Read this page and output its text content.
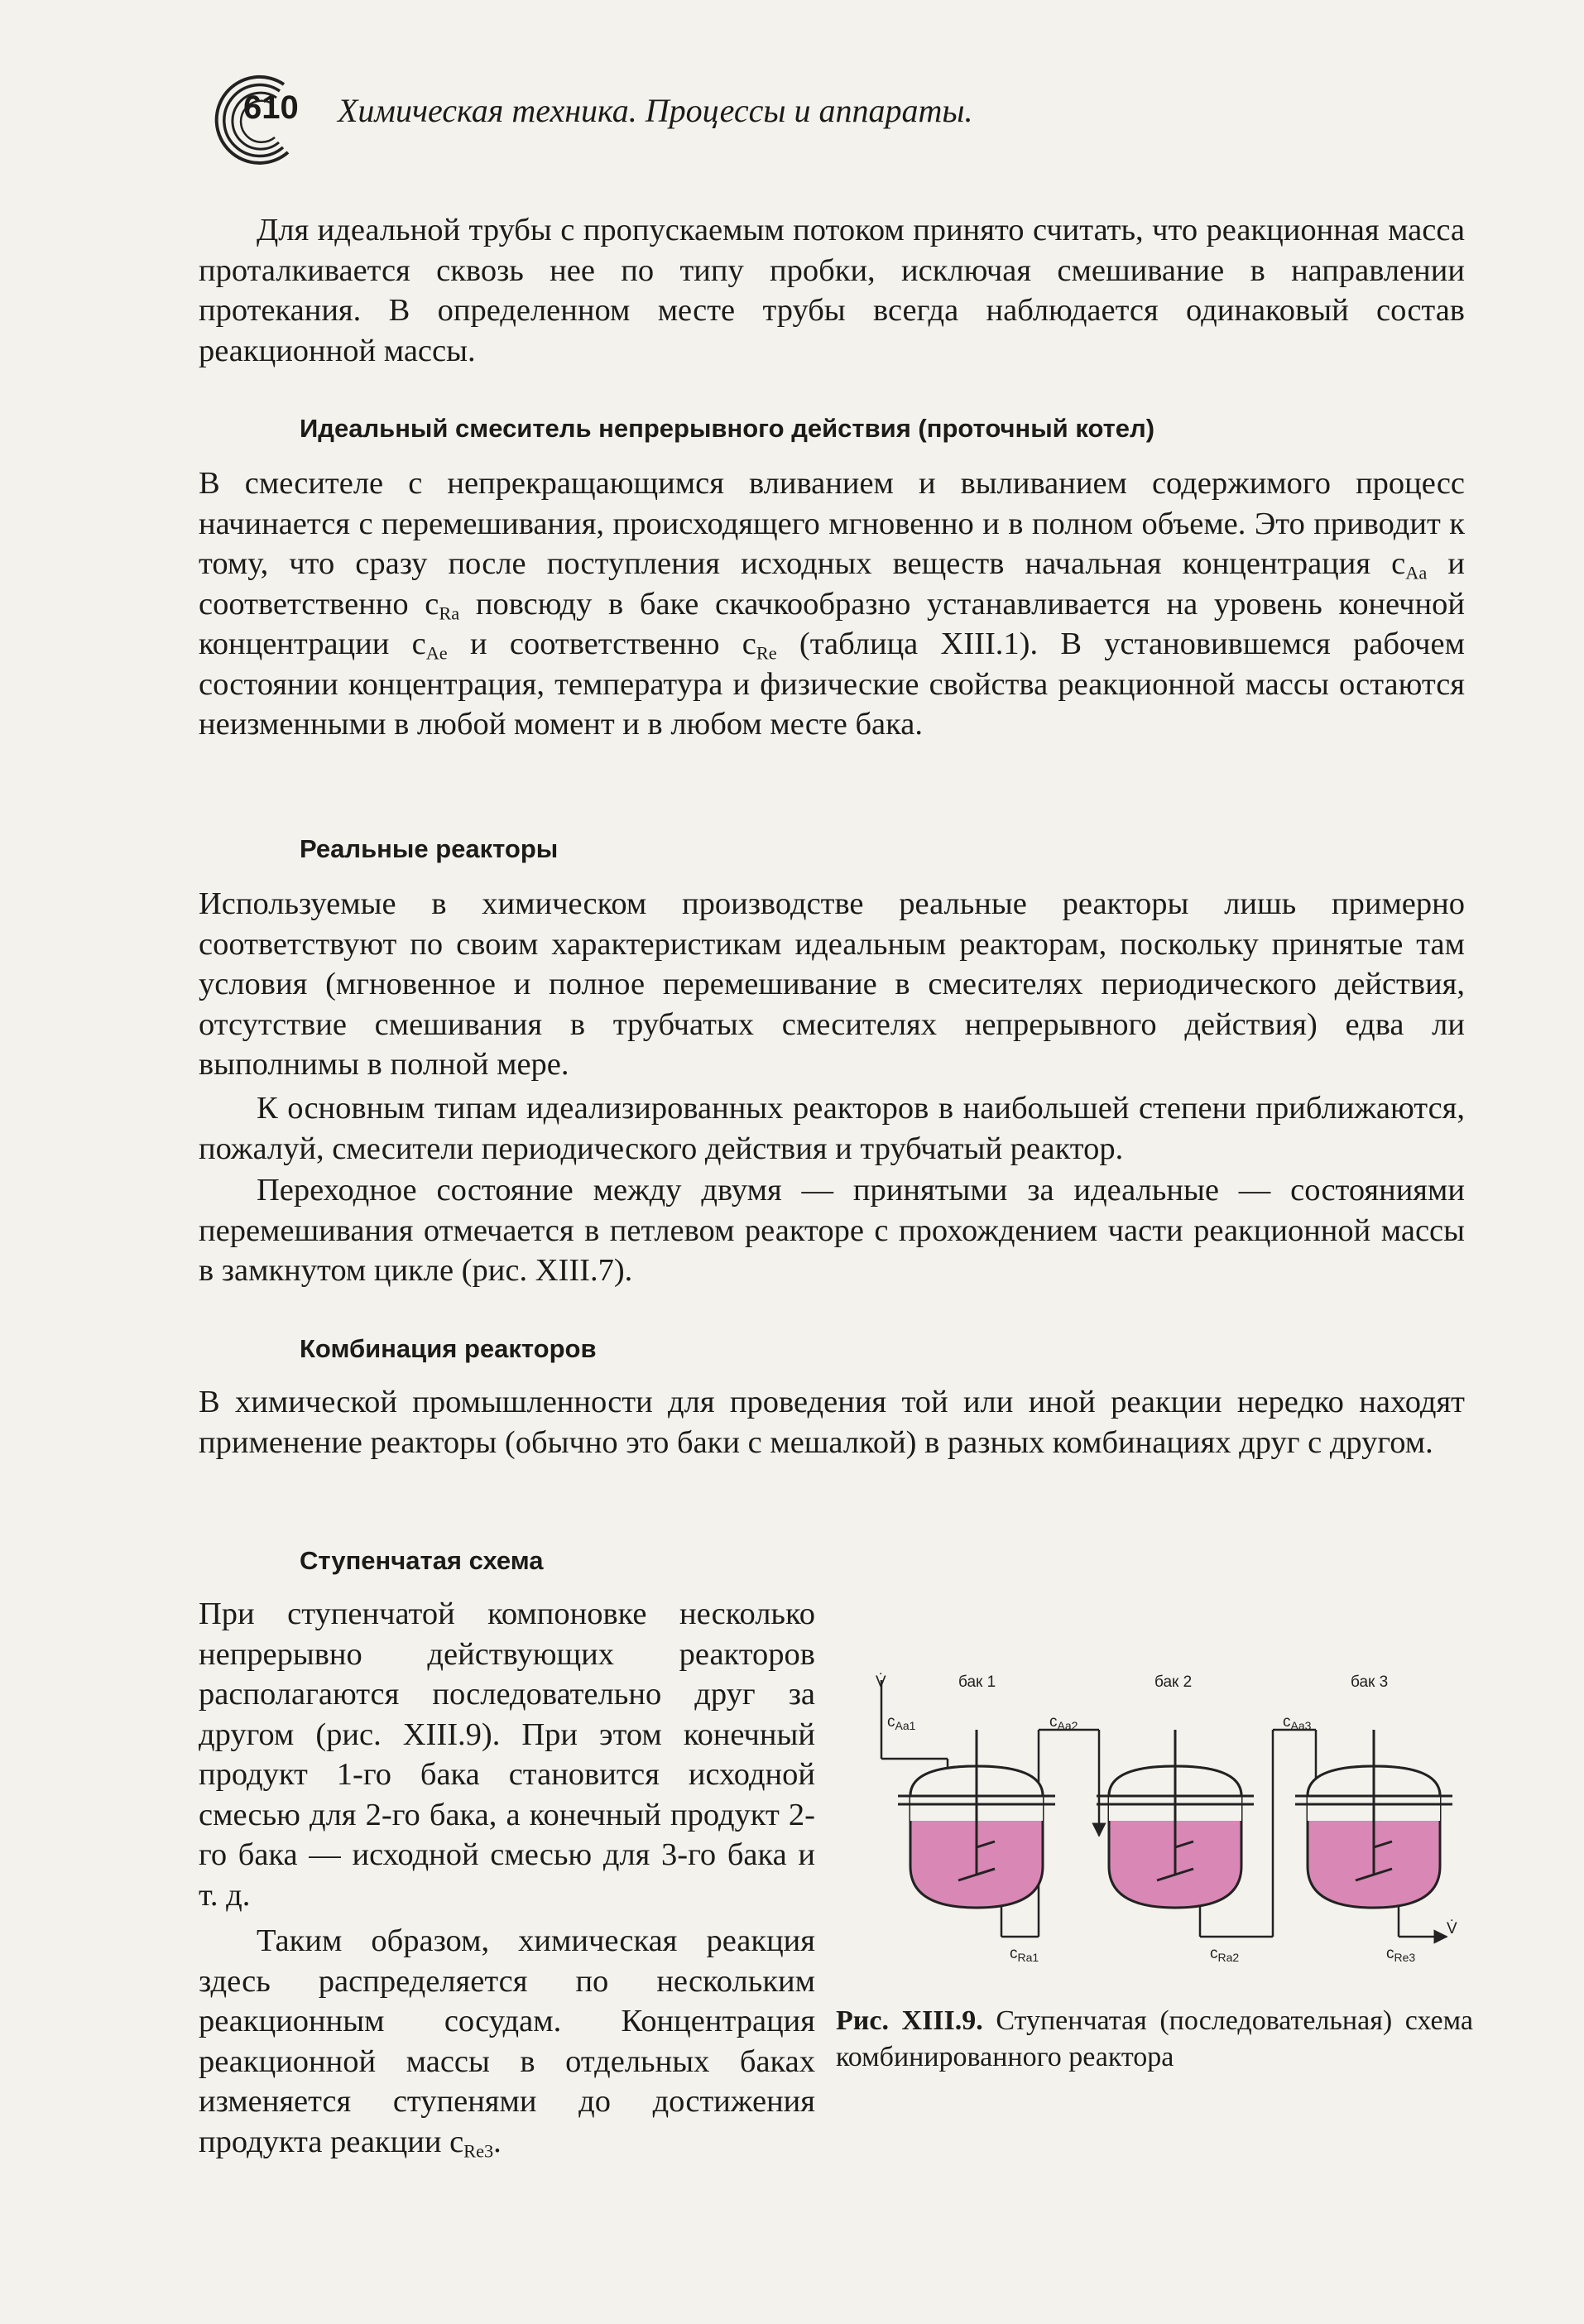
610 Химическая техника. Процессы и аппараты.

Для идеальной трубы с пропускаемым потоком принято считать, что реакционная масса проталкивается сквозь нее по типу пробки, исключая смешивание в направлении протекания. В определенном месте трубы всегда наблюдается одинаковый состав реакционной массы.

Идеальный смеситель непрерывного действия (проточный котел)

В смесителе с непрекращающимся вливанием и выливанием содержимого процесс начинается с перемешивания, происходящего мгновенно и в полном объеме. Это приводит к тому, что сразу после поступления исходных веществ начальная концентрация $c_{Aa}$ и соответственно $c_{Ra}$ повсюду в баке скачкообразно устанавливается на уровень конечной концентрации $c_{Ae}$ и соответственно $c_{Re}$ (таблица XIII.1). В установившемся рабочем состоянии концентрация, температура и физические свойства реакционной массы остаются неизменными в любой момент и в любом месте бака.

Реальные реакторы

Используемые в химическом производстве реальные реакторы лишь примерно соответствуют по своим характеристикам идеальным реакторам, поскольку принятые там условия (мгновенное и полное перемешивание в смесителях периодического действия, отсутствие смешивания в трубчатых смесителях непрерывного действия) едва ли выполнимы в полной мере.

К основным типам идеализированных реакторов в наибольшей степени приближаются, пожалуй, смесители периодического действия и трубчатый реактор.

Переходное состояние между двумя — принятыми за идеальные — состояниями перемешивания отмечается в петлевом реакторе с прохождением части реакционной массы в замкнутом цикле (рис. XIII.7).

Комбинация реакторов

В химической промышленности для проведения той или иной реакции нередко находят применение реакторы (обычно это баки с мешалкой) в разных комбинациях друг с другом.

Ступенчатая схема

При ступенчатой компоновке несколько непрерывно действующих реакторов располагаются последовательно друг за другом (рис. XIII.9). При этом конечный продукт 1-го бака становится исходной смесью для 2-го бака, а конечный продукт 2-го бака — исходной смесью для 3-го бака и т. д.

Таким образом, химическая реакция здесь распределяется по нескольким реакционным сосудам. Концентрация реакционной массы в отдельных баках изменяется ступенями до достижения продукта реакции $c_{Re3}$.

V̇	бак 1	бак 2	бак 3
$c_{Aa1}$	$c_{Aa2}$	$c_{Aa3}$
$c_{Ra1}$	$c_{Ra2}$	$c_{Re3}$
V̇

Рис. XIII.9. Ступенчатая (последовательная) схема комбинированного реактора
